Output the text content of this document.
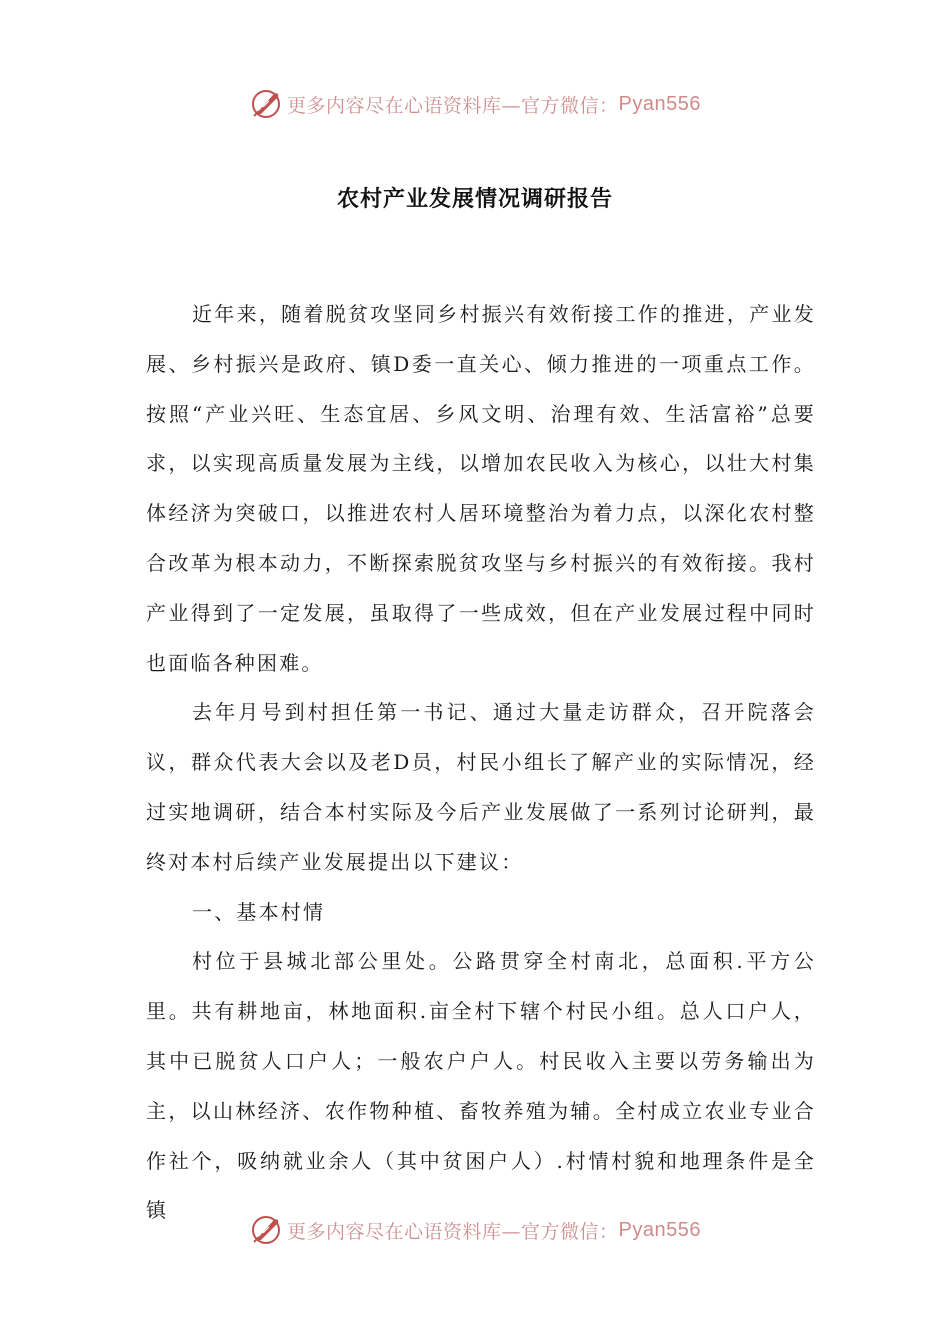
更多内容尽在心语资料库—官方微信： Pyan556
农村产业发展情况调研报告

近年来，随着脱贫攻坚同乡村振兴有效衔接工作的推进，产业发展、乡村振兴是政府、镇D委一直关心、倾力推进的一项重点工作。按照“产业兴旺、生态宜居、乡风文明、治理有效、生活富裕”总要求，以实现高质量发展为主线，以增加农民收入为核心，以壮大村集体经济为突破口，以推进农村人居环境整治为着力点，以深化农村整合改革为根本动力，不断探索脱贫攻坚与乡村振兴的有效衔接。我村产业得到了一定发展，虽取得了一些成效，但在产业发展过程中同时也面临各种困难。

去年月号到村担任第一书记、通过大量走访群众，召开院落会议，群众代表大会以及老D员，村民小组长了解产业的实际情况，经过实地调研，结合本村实际及今后产业发展做了一系列讨论研判，最终对本村后续产业发展提出以下建议：

一、基本村情

村位于县城北部公里处。公路贯穿全村南北，总面积.平方公里。共有耕地亩，林地面积.亩全村下辖个村民小组。总人口户人，其中已脱贫人口户人；一般农户户人。村民收入主要以劳务输出为主，以山林经济、农作物种植、畜牧养殖为辅。全村成立农业专业合作社个，吸纳就业余人（其中贫困户人）.村情村貌和地理条件是全镇

更多内容尽在心语资料库—官方微信： Pyan556
